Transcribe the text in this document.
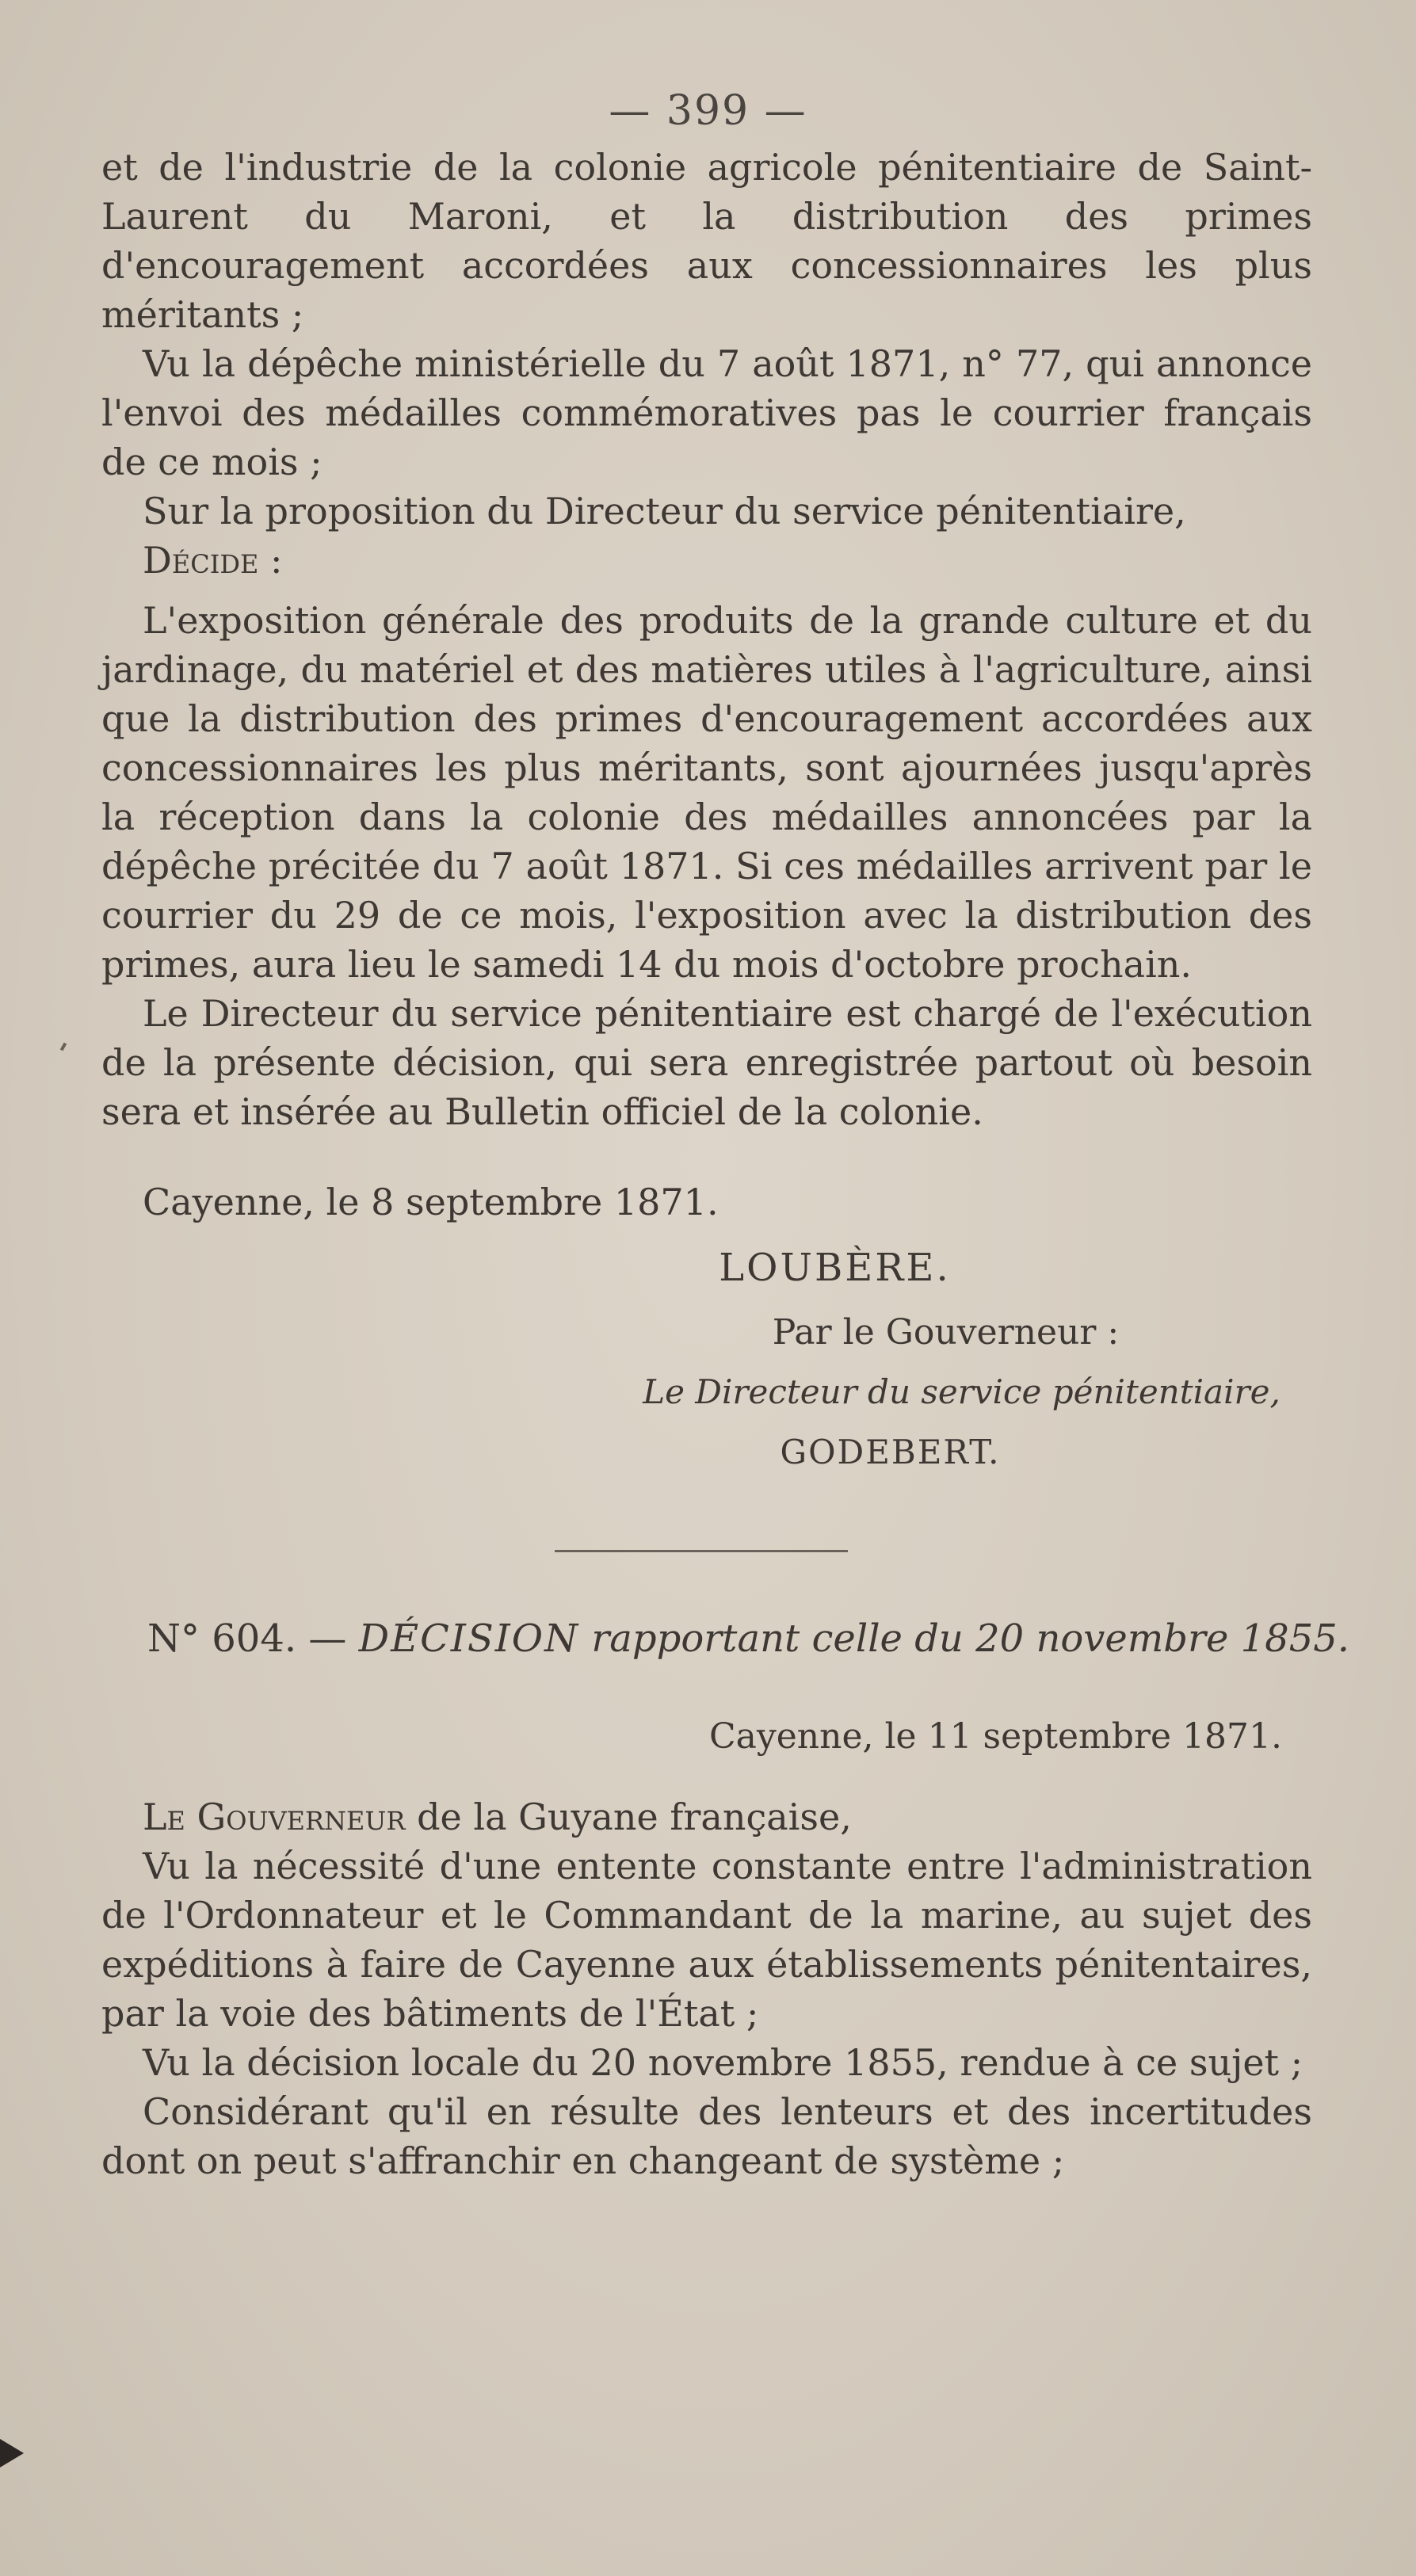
— 399 —

et de l'industrie de la colonie agricole pénitentiaire de Saint-Laurent du Maroni, et la distribution des primes d'encouragement accordées aux concessionnaires les plus méritants ;

Vu la dépêche ministérielle du 7 août 1871, n° 77, qui annonce l'envoi des médailles commémoratives pas le courrier français de ce mois ;

Sur la proposition du Directeur du service pénitentiaire,

Décide :

L'exposition générale des produits de la grande culture et du jardinage, du matériel et des matières utiles à l'agriculture, ainsi que la distribution des primes d'encouragement accordées aux concessionnaires les plus méritants, sont ajournées jusqu'après la réception dans la colonie des médailles annoncées par la dépêche précitée du 7 août 1871. Si ces médailles arrivent par le courrier du 29 de ce mois, l'exposition avec la distribution des primes, aura lieu le samedi 14 du mois d'octobre prochain.

Le Directeur du service pénitentiaire est chargé de l'exécution de la présente décision, qui sera enregistrée partout où besoin sera et insérée au Bulletin officiel de la colonie.

Cayenne, le 8 septembre 1871.
LOUBÈRE.
Par le Gouverneur :
Le Directeur du service pénitentiaire,
GODEBERT.
N° 604. — DÉCISION rapportant celle du 20 novembre 1855.
Cayenne, le 11 septembre 1871.

Le Gouverneur de la Guyane française,

Vu la nécessité d'une entente constante entre l'administration de l'Ordonnateur et le Commandant de la marine, au sujet des expéditions à faire de Cayenne aux établissements pénitentaires, par la voie des bâtiments de l'État ;

Vu la décision locale du 20 novembre 1855, rendue à ce sujet ;

Considérant qu'il en résulte des lenteurs et des incertitudes dont on peut s'affranchir en changeant de système ;
